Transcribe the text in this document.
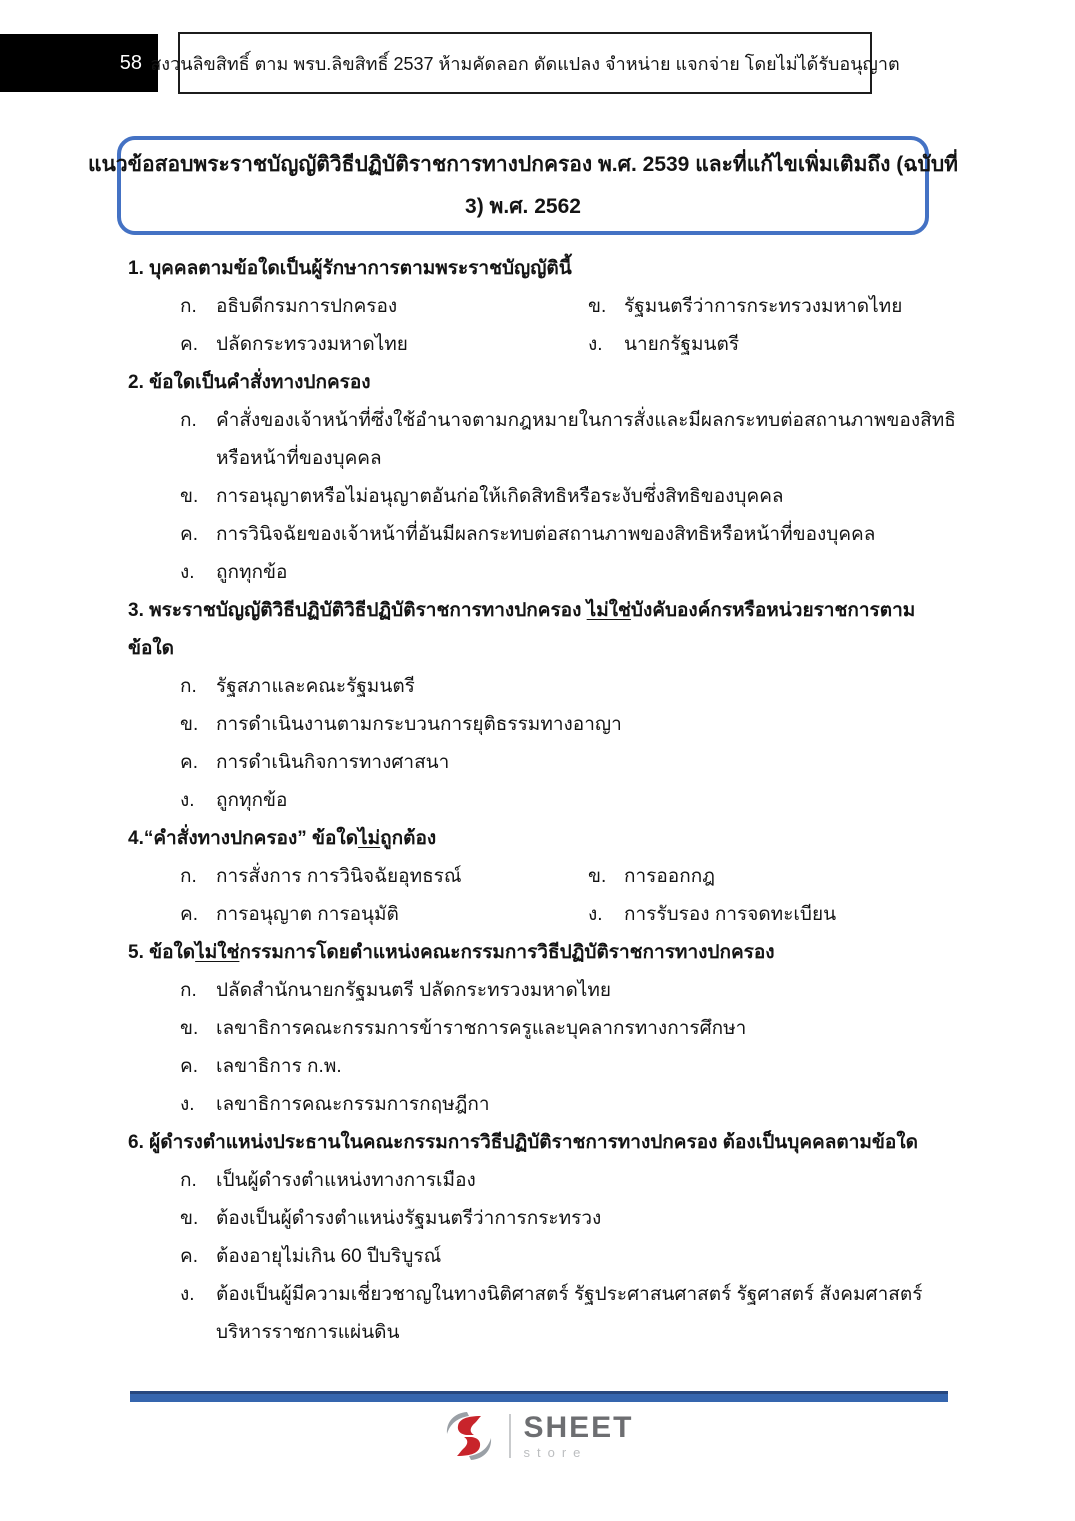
58 สงวนลิขสิทธิ์ ตาม พรบ.ลิขสิทธิ์ 2537 ห้ามคัดลอก ดัดแปลง จำหน่าย แจกจ่าย โดยไม่ได้รับอนุญาต
แนวข้อสอบพระราชบัญญัติวิธีปฏิบัติราชการทางปกครอง พ.ศ. 2539 และที่แก้ไขเพิ่มเติมถึง (ฉบับที่
3) พ.ศ. 2562
1. บุคคลตามข้อใดเป็นผู้รักษาการตามพระราชบัญญัตินี้
ก.	อธิบดีกรมการปกครอง	ข. รัฐมนตรีว่าการกระทรวงมหาดไทย
ค. ปลัดกระทรวงมหาดไทย	ง.	นายกรัฐมนตรี
2. ข้อใดเป็นคำสั่งทางปกครอง
ก.	คำสั่งของเจ้าหน้าที่ซึ่งใช้อำนาจตามกฎหมายในการสั่งและมีผลกระทบต่อสถานภาพของสิทธิ
หรือหน้าที่ของบุคคล
ข. การอนุญาตหรือไม่อนุญาตอันก่อให้เกิดสิทธิหรือระงับซึ่งสิทธิของบุคคล
ค. การวินิจฉัยของเจ้าหน้าที่อันมีผลกระทบต่อสถานภาพของสิทธิหรือหน้าที่ของบุคคล
ง.	ถูกทุกข้อ
3. พระราชบัญญัติวิธีปฏิบัติวิธีปฏิบัติราชการทางปกครอง ไม่ใช่บังคับองค์กรหรือหน่วยราชการตาม
ข้อใด
ก.	รัฐสภาและคณะรัฐมนตรี
ข. การดำเนินงานตามกระบวนการยุติธรรมทางอาญา
ค. การดำเนินกิจการทางศาสนา
ง.	ถูกทุกข้อ
4.“คำสั่งทางปกครอง” ข้อใดไม่ถูกต้อง
ก.	การสั่งการ การวินิจฉัยอุทธรณ์	ข. การออกกฎ
ค. การอนุญาต การอนุมัติ	ง.	การรับรอง การจดทะเบียน
5. ข้อใดไม่ใช่กรรมการโดยตำแหน่งคณะกรรมการวิธีปฏิบัติราชการทางปกครอง
ก.	ปลัดสำนักนายกรัฐมนตรี ปลัดกระทรวงมหาดไทย
ข. เลขาธิการคณะกรรมการข้าราชการครูและบุคลากรทางการศึกษา
ค. เลขาธิการ ก.พ.
ง.	เลขาธิการคณะกรรมการกฤษฎีกา
6. ผู้ดำรงตำแหน่งประธานในคณะกรรมการวิธีปฏิบัติราชการทางปกครอง ต้องเป็นบุคคลตามข้อใด
ก.	เป็นผู้ดำรงตำแหน่งทางการเมือง
ข. ต้องเป็นผู้ดำรงตำแหน่งรัฐมนตรีว่าการกระทรวง
ค. ต้องอายุไม่เกิน 60 ปีบริบูรณ์
ง.	ต้องเป็นผู้มีความเชี่ยวชาญในทางนิติศาสตร์ รัฐประศาสนศาสตร์ รัฐศาสตร์ สังคมศาสตร์
บริหารราชการแผ่นดิน
SHEET
store
